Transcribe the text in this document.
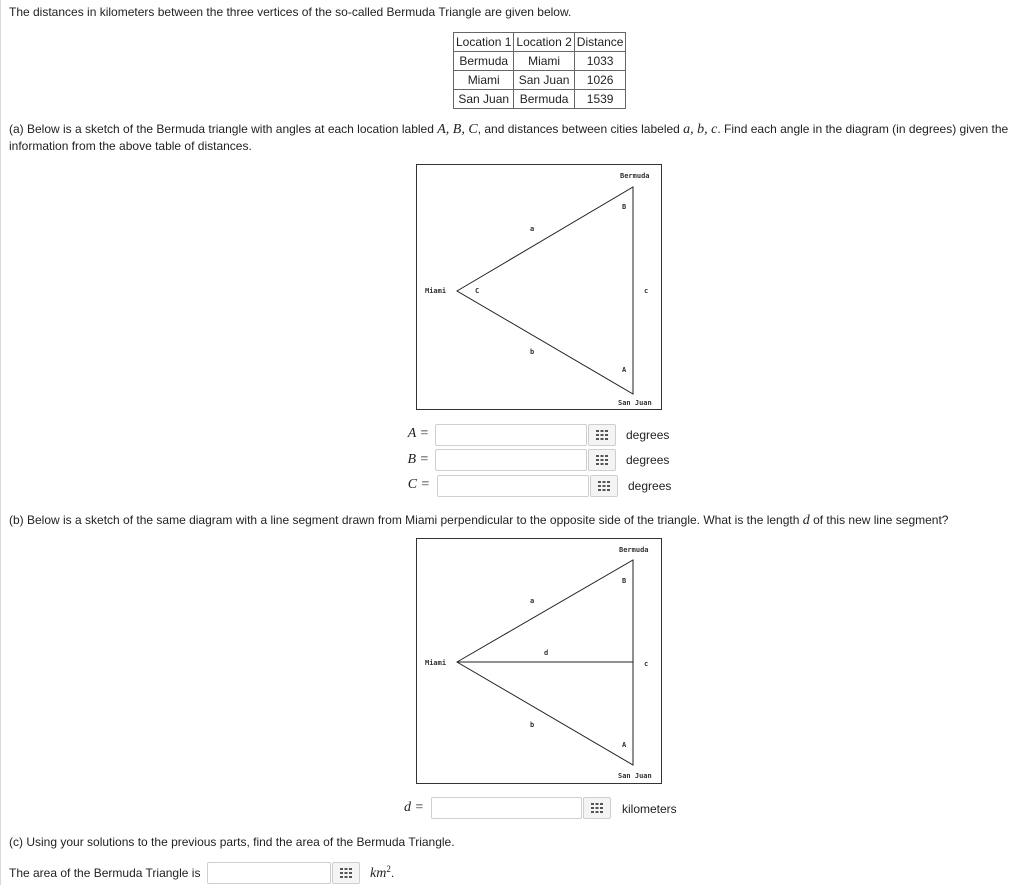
The distances in kilometers between the three vertices of the so-called Bermuda Triangle are given below.
Location 1	Location 2	Distance
Bermuda	Miami	1033
Miami	San Juan	1026
San Juan	Bermuda	1539
(a) Below is a sketch of the Bermuda triangle with angles at each location labled A, B, C, and distances between cities labeled a, b, c. Find each angle in the diagram (in degrees) given the information from the above table of distances.
Bermuda
Miami
San Juan
B
C
A
a
b
c
A =	degrees
B =	degrees
C =	degrees
(b) Below is a sketch of the same diagram with a line segment drawn from Miami perpendicular to the opposite side of the triangle. What is the length d of this new line segment?
Bermuda
Miami
San Juan
B
A
a
d
b
c
d =	kilometers
(c) Using your solutions to the previous parts, find the area of the Bermuda Triangle.
The area of the Bermuda Triangle is	$km^2$.
